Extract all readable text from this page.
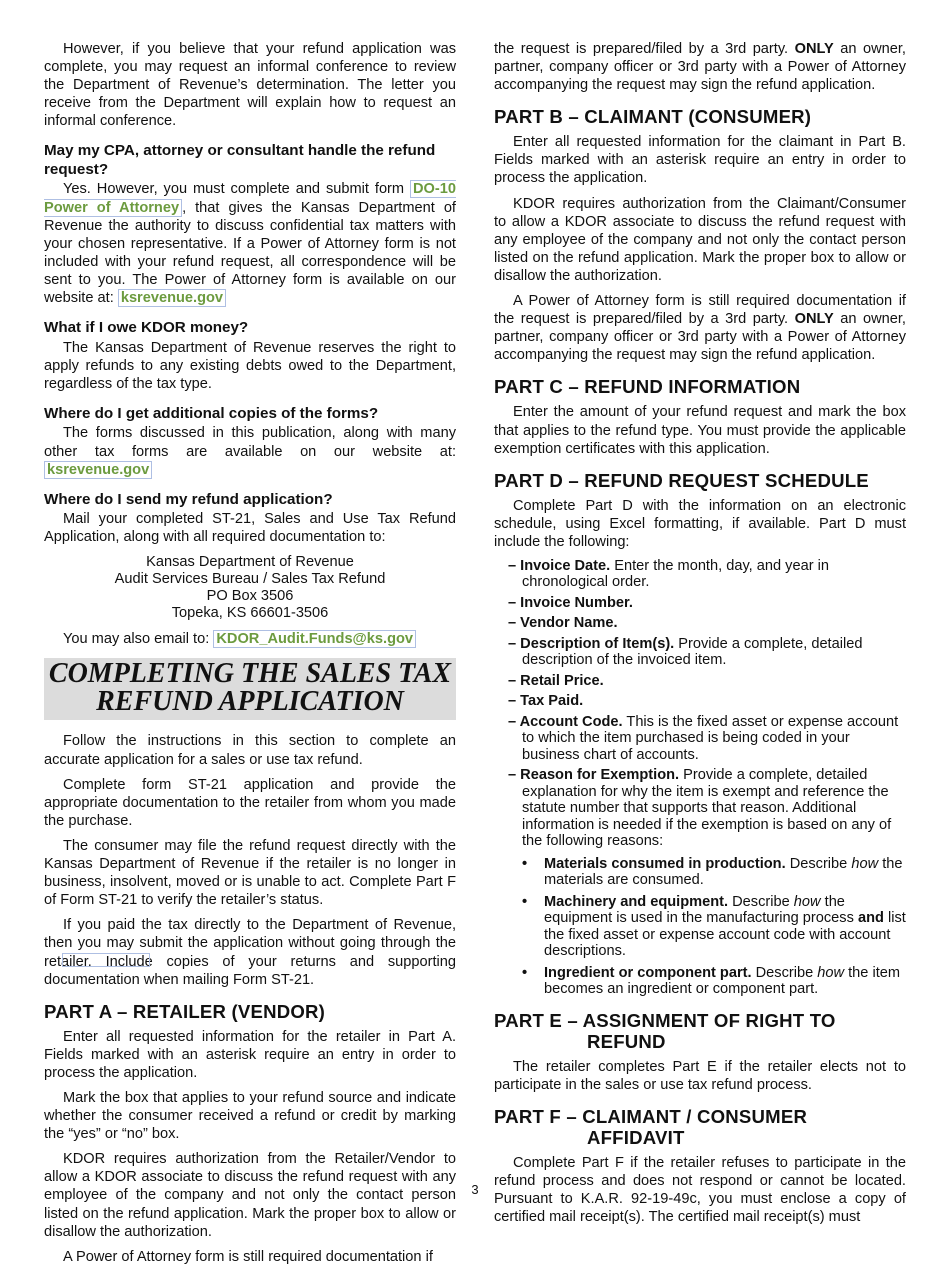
However, if you believe that your refund application was complete, you may request an informal conference to review the Department of Revenue’s determination. The letter you receive from the Department will explain how to request an informal conference.

May my CPA, attorney or consultant handle the refund request?

Yes. However, you must complete and submit form DO-10 Power of Attorney , that gives the Kansas Department of Revenue the authority to discuss confidential tax matters with your chosen representative. If a Power of Attorney form is not included with your refund request, all correspondence will be sent to you. The Power of Attorney form is available on our website at: ksrevenue.gov

What if I owe KDOR money?

The Kansas Department of Revenue reserves the right to apply refunds to any existing debts owed to the Department, regardless of the tax type.

Where do I get additional copies of the forms?

The forms discussed in this publication, along with many other tax forms are available on our website at: ksrevenue.gov

Where do I send my refund application?

Mail your completed ST-21, Sales and Use Tax Refund Application, along with all required documentation to:

Kansas Department of Revenue
Audit Services Bureau / Sales Tax Refund
PO Box 3506
Topeka, KS 66601-3506

You may also email to: KDOR_Audit.Funds@ks.gov

COMPLETING THE SALES TAX
REFUND APPLICATION

Follow the instructions in this section to complete an accurate application for a sales or use tax refund.

Complete form ST-21 application and provide the appropriate documentation to the retailer from whom you made the purchase.

The consumer may file the refund request directly with the Kansas Department of Revenue if the retailer is no longer in business, insolvent, moved or is unable to act. Complete Part F of Form ST-21 to verify the retailer’s status.

If you paid the tax directly to the Department of Revenue, then you may submit the application without going through the retailer. Include copies of your returns and supporting documentation when mailing Form ST-21.

PART A – RETAILER (VENDOR)

Enter all requested information for the retailer in Part A. Fields marked with an asterisk require an entry in order to process the application.

Mark the box that applies to your refund source and indicate whether the consumer received a refund or credit by marking the “yes” or “no” box.

KDOR requires authorization from the Retailer/Vendor to allow a KDOR associate to discuss the refund request with any employee of the company and not only the contact person listed on the refund application. Mark the proper box to allow or disallow the authorization.

A Power of Attorney form is still required documentation if

the request is prepared/filed by a 3rd party. ONLY an owner, partner, company officer or 3rd party with a Power of Attorney accompanying the request may sign the refund application.

PART B – CLAIMANT (CONSUMER)

Enter all requested information for the claimant in Part B. Fields marked with an asterisk require an entry in order to process the application.

KDOR requires authorization from the Claimant/Consumer to allow a KDOR associate to discuss the refund request with any employee of the company and not only the contact person listed on the refund application. Mark the proper box to allow or disallow the authorization.

A Power of Attorney form is still required documentation if the request is prepared/filed by a 3rd party. ONLY an owner, partner, company officer or 3rd party with a Power of Attorney accompanying the request may sign the refund application.

PART C – REFUND INFORMATION

Enter the amount of your refund request and mark the box that applies to the refund type. You must provide the applicable exemption certificates with this application.

PART D – REFUND REQUEST SCHEDULE

Complete Part D with the information on an electronic schedule, using Excel formatting, if available. Part D must include the following:

– Invoice Date. Enter the month, day, and year in chronological order.
– Invoice Number.
– Vendor Name.
– Description of Item(s). Provide a complete, detailed description of the invoiced item.
– Retail Price.
– Tax Paid.
– Account Code. This is the fixed asset or expense account to which the item purchased is being coded in your business chart of accounts.
– Reason for Exemption. Provide a complete, detailed explanation for why the item is exempt and reference the statute number that supports that reason. Additional information is needed if the exemption is based on any of the following reasons:
• Materials consumed in production. Describe how the materials are consumed.
• Machinery and equipment. Describe how the equipment is used in the manufacturing process and list the fixed asset or expense account code with account descriptions.
• Ingredient or component part. Describe how the item becomes an ingredient or component part.
PART E – ASSIGNMENT OF RIGHT TO
REFUND

The retailer completes Part E if the retailer elects not to participate in the sales or use tax refund process.

PART F – CLAIMANT / CONSUMER
AFFIDAVIT

Complete Part F if the retailer refuses to participate in the refund process and does not respond or cannot be located. Pursuant to K.A.R. 92-19-49c, you must enclose a copy of certified mail receipt(s). The certified mail receipt(s) must

3
